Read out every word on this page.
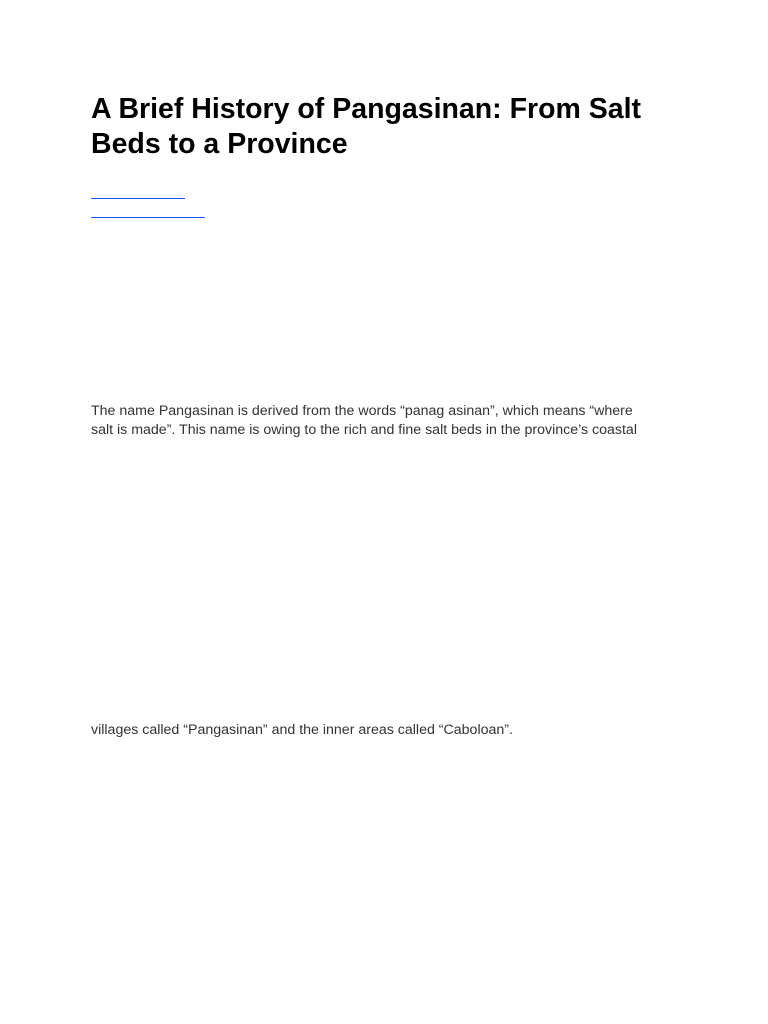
A Brief History of Pangasinan: From Salt
Beds to a Province

The name Pangasinan is derived from the words “panag asinan”, which means “where
salt is made”. This name is owing to the rich and fine salt beds in the province’s coastal

villages called “Pangasinan” and the inner areas called “Caboloan”.
